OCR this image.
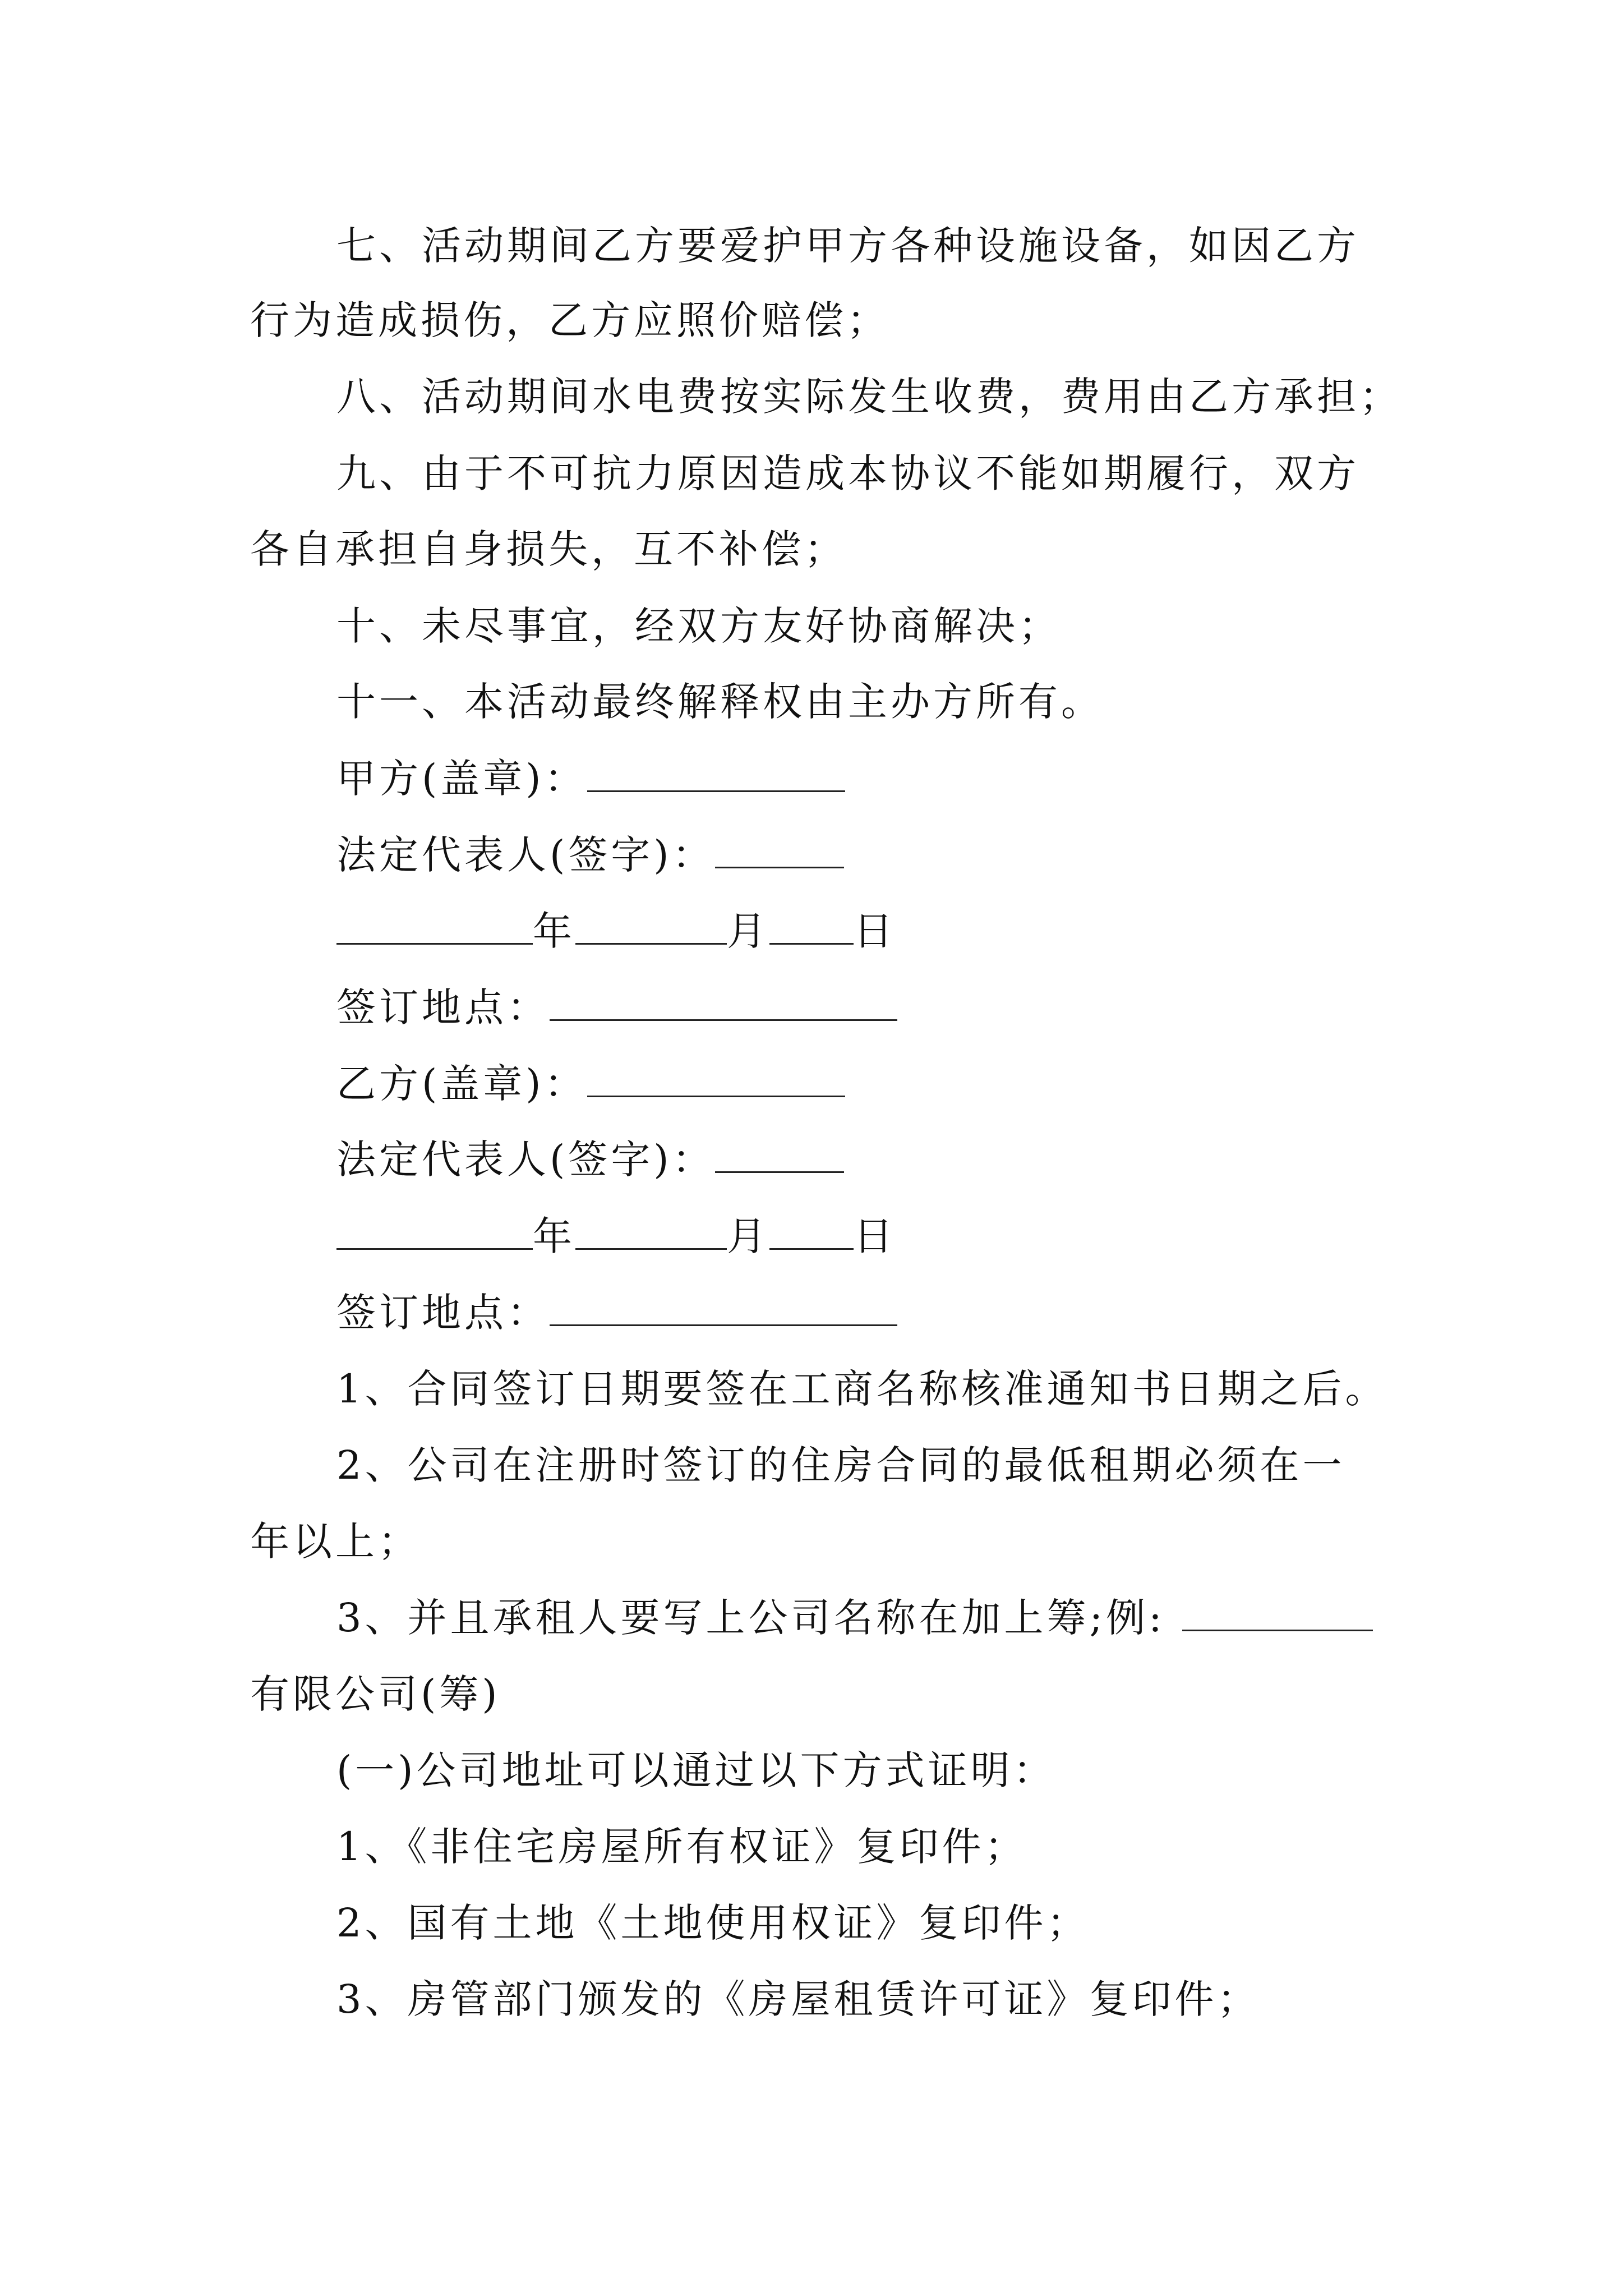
七、活动期间乙方要爱护甲方各种设施设备，如因乙方
行为造成损伤，乙方应照价赔偿；
八、活动期间水电费按实际发生收费，费用由乙方承担；
九、由于不可抗力原因造成本协议不能如期履行，双方
各自承担自身损失，互不补偿；
十、未尽事宜，经双方友好协商解决；
十一、本活动最终解释权由主办方所有。
甲方(盖章)：
法定代表人(签字)：
年	月 日
签订地点：
乙方(盖章)：
法定代表人(签字)：
年	月 日
签订地点：
1、合同签订日期要签在工商名称核准通知书日期之后。
2、公司在注册时签订的住房合同的最低租期必须在一
年以上；
3、并且承租人要写上公司名称在加上筹;例:
有限公司(筹)
(一)公司地址可以通过以下方式证明：
1、《非住宅房屋所有权证》复印件；
2、国有土地《土地使用权证》复印件；
3、房管部门颁发的《房屋租赁许可证》复印件；
